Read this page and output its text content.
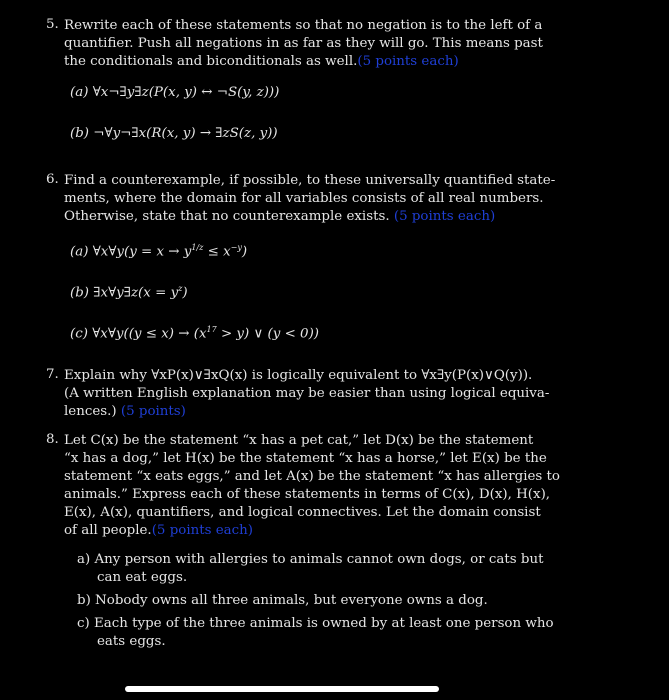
5. Rewrite each of these statements so that no negation is to the left of a
quantifier. Push all negations in as far as they will go. This means past
the conditionals and biconditionals as well.(5 points each)
(a) ∀x¬∃y∃z(P(x, y) ↔ ¬S(y, z)))
(b) ¬∀y¬∃x(R(x, y) → ∃zS(z, y))
6. Find a counterexample, if possible, to these universally quantified state-
ments, where the domain for all variables consists of all real numbers.
Otherwise, state that no counterexample exists. (5 points each)
(a) ∀x∀y(y = $x \to y^{1/z} \le x^{-y}$)
(b) ∃x∀y∃z(x = $y^z$)
(c) ∀x∀y((y ≤ $x) \to (x^{17} > y)$ ∨ (y < 0))
7. Explain why ∀xP(x)∨∃xQ(x) is logically equivalent to ∀x∃y(P(x)∨Q(y)).
(A written English explanation may be easier than using logical equiva-
lences.) (5 points)
8. Let C(x) be the statement “x has a pet cat,” let D(x) be the statement
“x has a dog,” let H(x) be the statement “x has a horse,” let E(x) be the
statement “x eats eggs,” and let A(x) be the statement “x has allergies to
animals.” Express each of these statements in terms of C(x), D(x), H(x),
E(x), A(x), quantifiers, and logical connectives. Let the domain consist
of all people.(5 points each)
a) Any person with allergies to animals cannot own dogs, or cats but
can eat eggs.
b) Nobody owns all three animals, but everyone owns a dog.
c) Each type of the three animals is owned by at least one person who
eats eggs.
